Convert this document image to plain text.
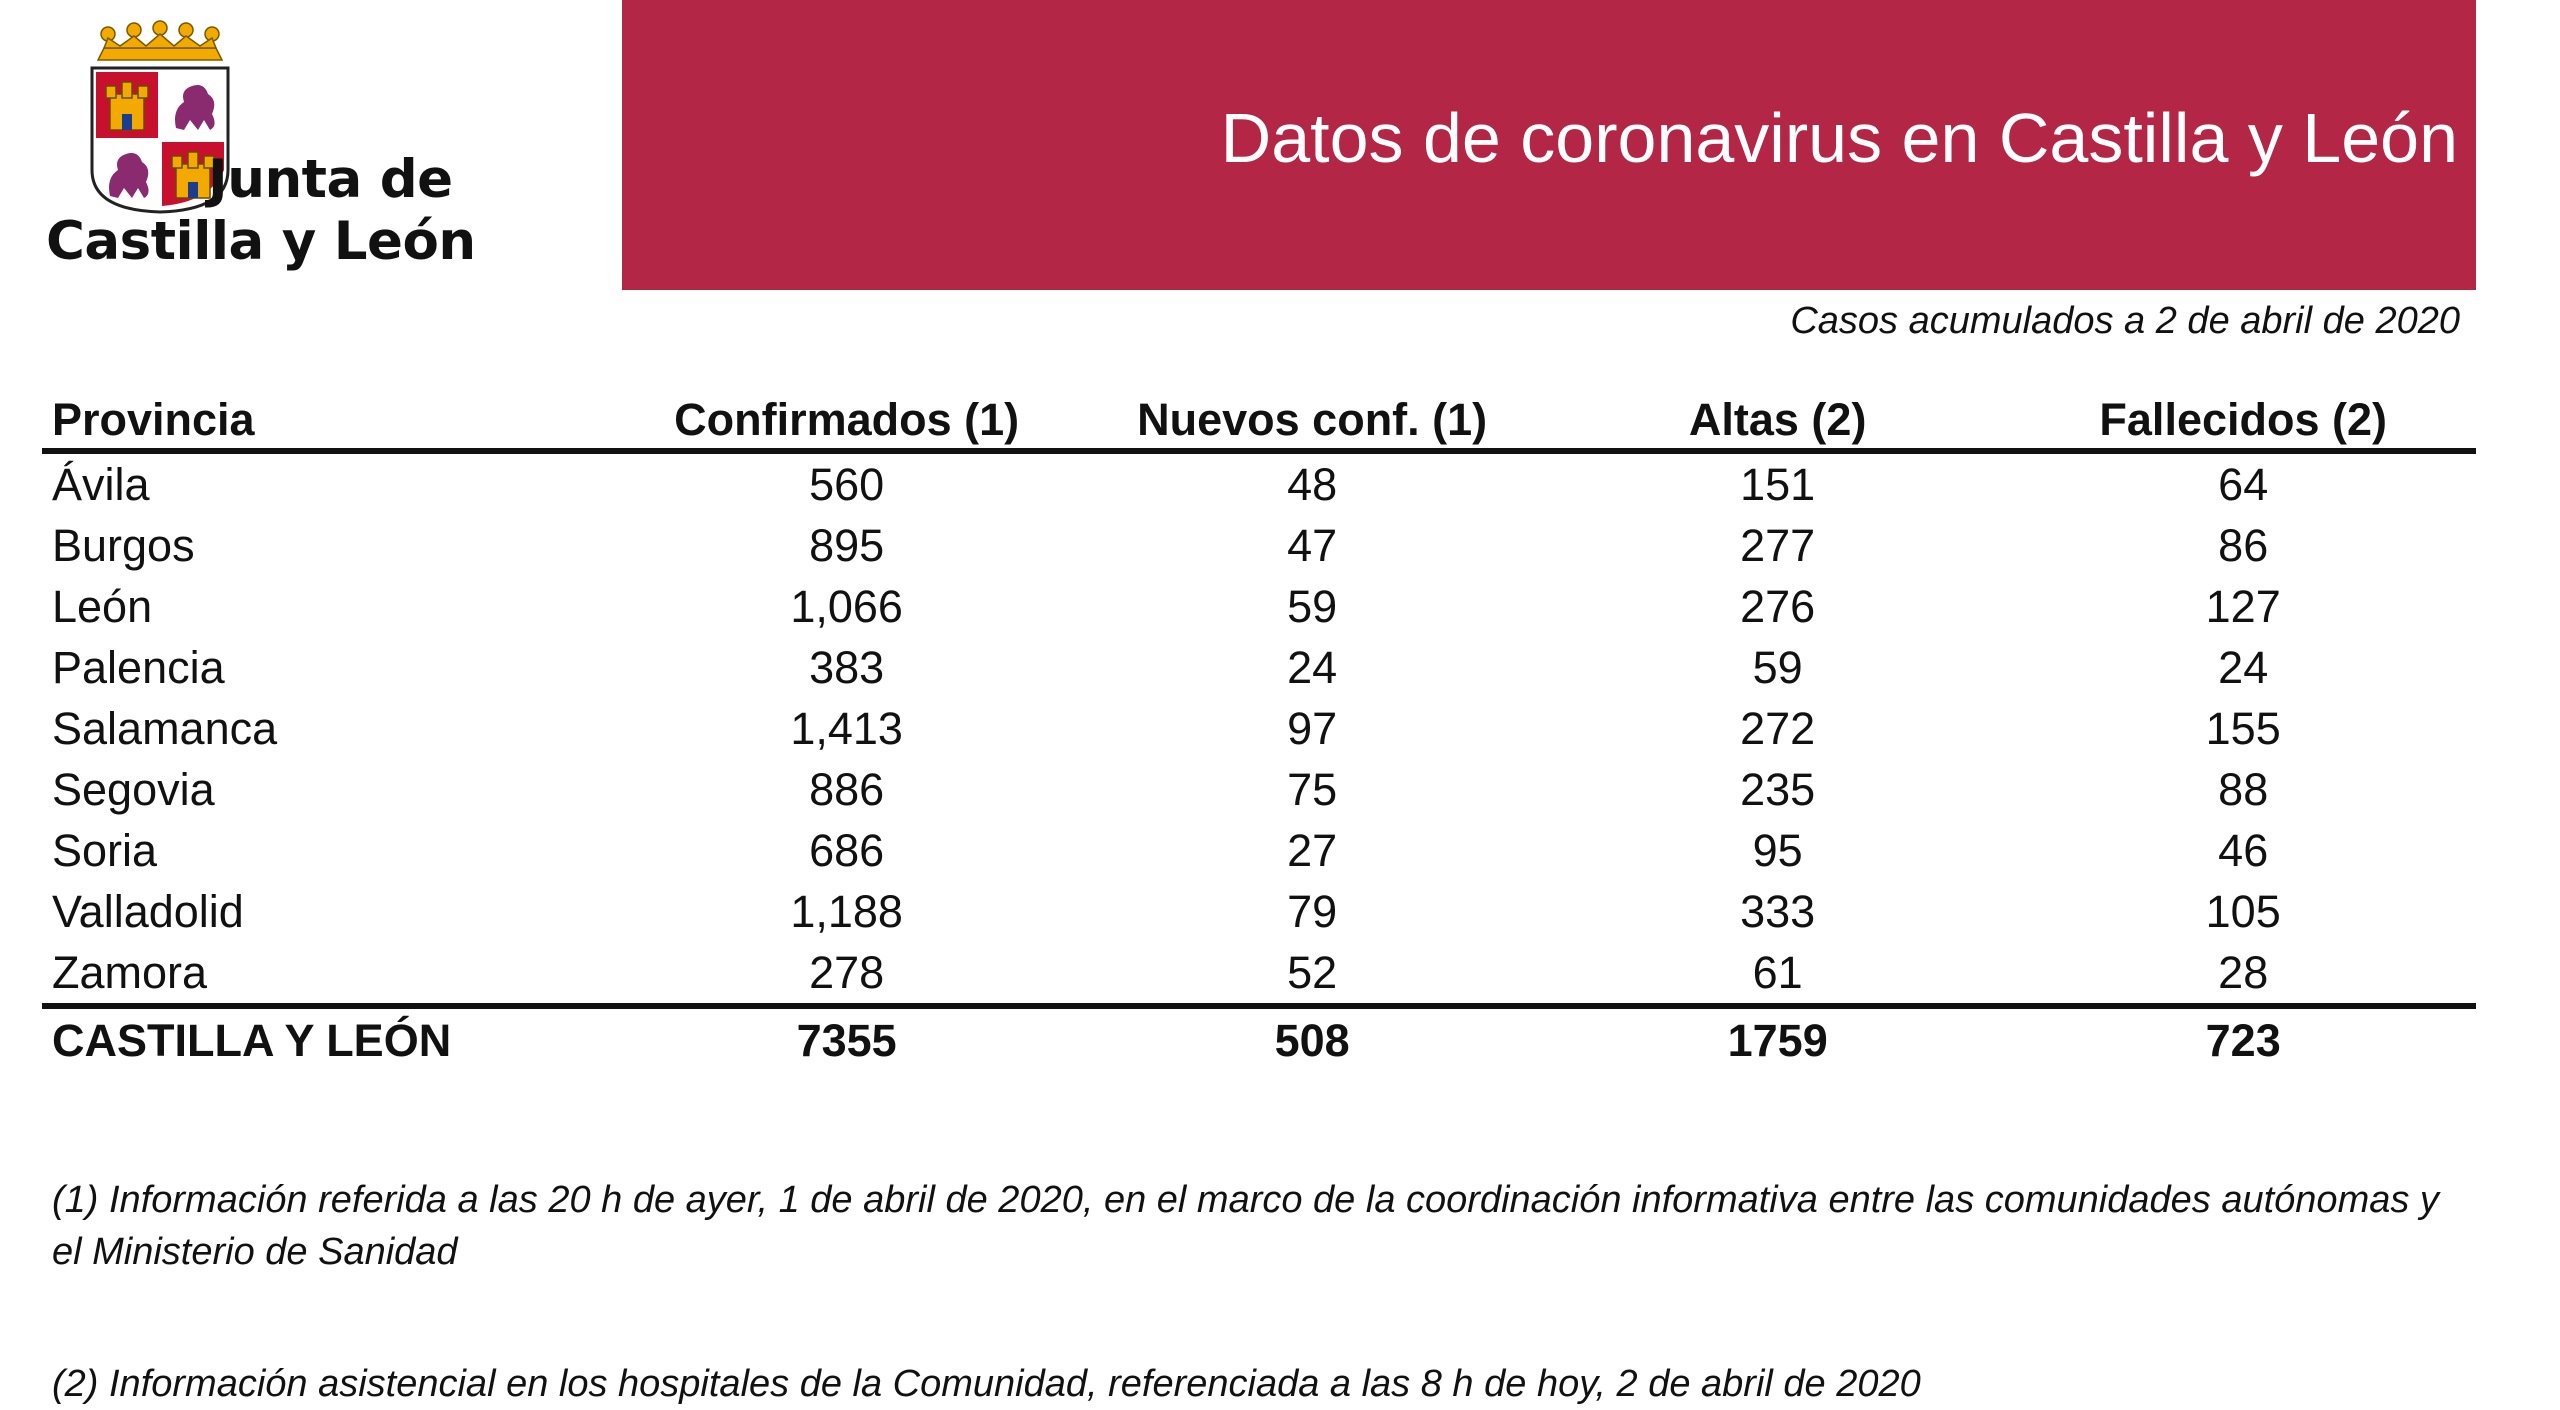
Junta de
Castilla y León
Datos de coronavirus en Castilla y León
Casos acumulados a 2 de abril de 2020
Provincia	Confirmados (1)	Nuevos conf. (1)	Altas (2)	Fallecidos (2)
Ávila	560	48	151	64
Burgos	895	47	277	86
León	1,066	59	276	127
Palencia	383	24	59	24
Salamanca	1,413	97	272	155
Segovia	886	75	235	88
Soria	686	27	95	46
Valladolid	1,188	79	333	105
Zamora	278	52	61	28
CASTILLA Y LEÓN	7355	508	1759	723
(1) Información referida a las 20 h de ayer, 1 de abril de 2020, en el marco de la coordinación informativa entre las comunidades autónomas y el Ministerio de Sanidad
(2) Información asistencial en los hospitales de la Comunidad, referenciada a las 8 h de hoy, 2 de abril de 2020
